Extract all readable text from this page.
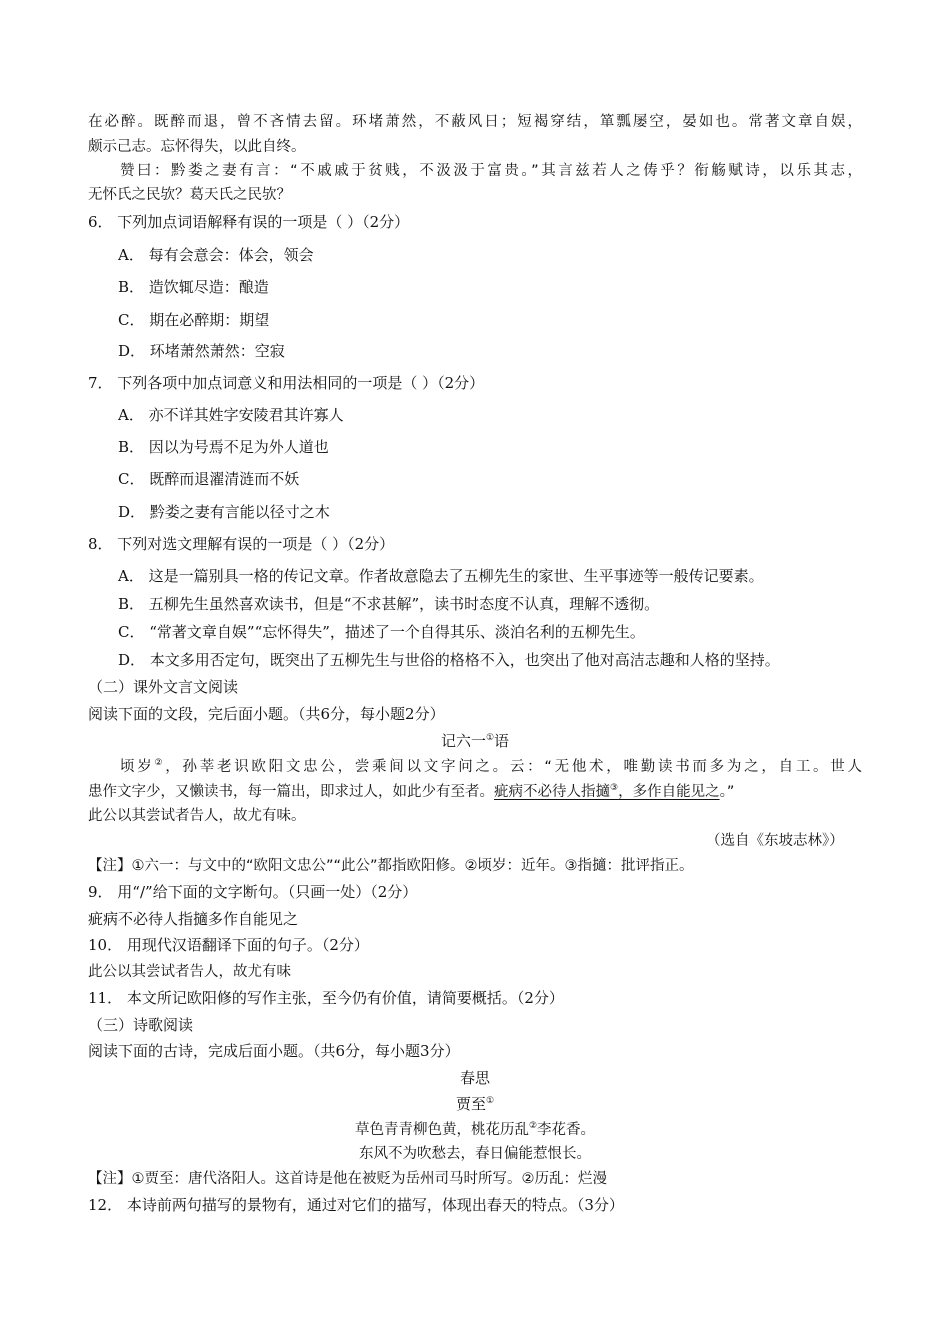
在必醉。既醉而退，曾不吝情去留。环堵萧然，不蔽风日；短褐穿结，箪瓢屡空，晏如也。常著文章自娱，
颇示己志。忘怀得失，以此自终。
赞曰：黔娄之妻有言：“不戚戚于贫贱，不汲汲于富贵。”其言兹若人之俦乎？衔觞赋诗，以乐其志，
无怀氏之民欤？葛天氏之民欤？
6． 下列加点词语解释有误的一项是（ ）（2分）
A． 每有会意会：体会，领会
B． 造饮辄尽造：酿造
C． 期在必醉期：期望
D． 环堵萧然萧然：空寂
7． 下列各项中加点词意义和用法相同的一项是（ ）（2分）
A． 亦不详其姓字安陵君其许寡人
B． 因以为号焉不足为外人道也
C． 既醉而退濯清涟而不妖
D． 黔娄之妻有言能以径寸之木
8． 下列对选文理解有误的一项是（ ）（2分）
A． 这是一篇别具一格的传记文章。作者故意隐去了五柳先生的家世、生平事迹等一般传记要素。
B． 五柳先生虽然喜欢读书，但是“不求甚解”，读书时态度不认真，理解不透彻。
C． “常著文章自娱”“忘怀得失”，描述了一个自得其乐、淡泊名利的五柳先生。
D． 本文多用否定句，既突出了五柳先生与世俗的格格不入，也突出了他对高洁志趣和人格的坚持。
（二）课外文言文阅读
阅读下面的文段，完后面小题。（共6分，每小题2分）
记六一①语
顷岁②，孙莘老识欧阳文忠公，尝乘间以文字问之。云：“无他术，唯勤读书而多为之，自工。世人
患作文字少，又懒读书，每一篇出，即求过人，如此少有至者。疵病不必待人指擿③，多作自能见之。”
此公以其尝试者告人，故尤有味。
（选自《东坡志林》）
【注】①六一：与文中的“欧阳文忠公”“此公”都指欧阳修。②顷岁：近年。③指擿：批评指正。
9． 用“/”给下面的文字断句。（只画一处）（2分）
疵病不必待人指擿多作自能见之
10． 用现代汉语翻译下面的句子。（2分）
此公以其尝试者告人，故尤有味
11． 本文所记欧阳修的写作主张，至今仍有价值，请简要概括。（2分）
（三）诗歌阅读
阅读下面的古诗，完成后面小题。（共6分，每小题3分）
春思
贾至①
草色青青柳色黄，桃花历乱②李花香。
东风不为吹愁去，春日偏能惹恨长。
【注】①贾至：唐代洛阳人。这首诗是他在被贬为岳州司马时所写。②历乱：烂漫
12． 本诗前两句描写的景物有，通过对它们的描写，体现出春天的特点。（3分）
